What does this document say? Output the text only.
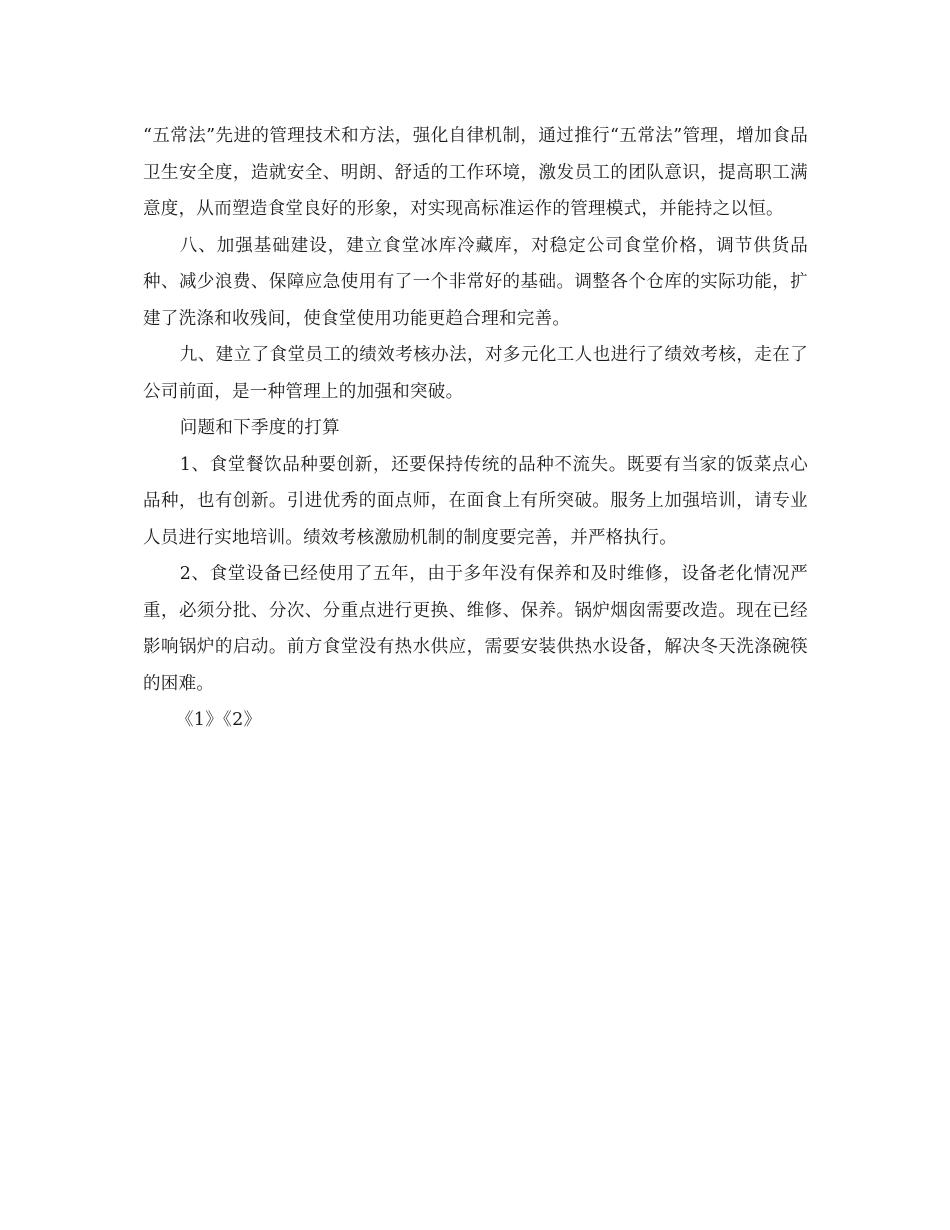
“五常法”先进的管理技术和方法，强化自律机制，通过推行“五常法”管理，增加食品卫生安全度，造就安全、明朗、舒适的工作环境，激发员工的团队意识，提高职工满意度，从而塑造食堂良好的形象，对实现高标准运作的管理模式，并能持之以恒。

八、加强基础建设，建立食堂冰库冷藏库，对稳定公司食堂价格，调节供货品种、减少浪费、保障应急使用有了一个非常好的基础。调整各个仓库的实际功能，扩建了洗涤和收残间，使食堂使用功能更趋合理和完善。

九、建立了食堂员工的绩效考核办法，对多元化工人也进行了绩效考核，走在了公司前面，是一种管理上的加强和突破。

问题和下季度的打算

1、食堂餐饮品种要创新，还要保持传统的品种不流失。既要有当家的饭菜点心品种，也有创新。引进优秀的面点师，在面食上有所突破。服务上加强培训，请专业人员进行实地培训。绩效考核激励机制的制度要完善，并严格执行。

2、食堂设备已经使用了五年，由于多年没有保养和及时维修，设备老化情况严重，必须分批、分次、分重点进行更换、维修、保养。锅炉烟囱需要改造。现在已经影响锅炉的启动。前方食堂没有热水供应，需要安装供热水设备，解决冬天洗涤碗筷的困难。

《1》《2》
